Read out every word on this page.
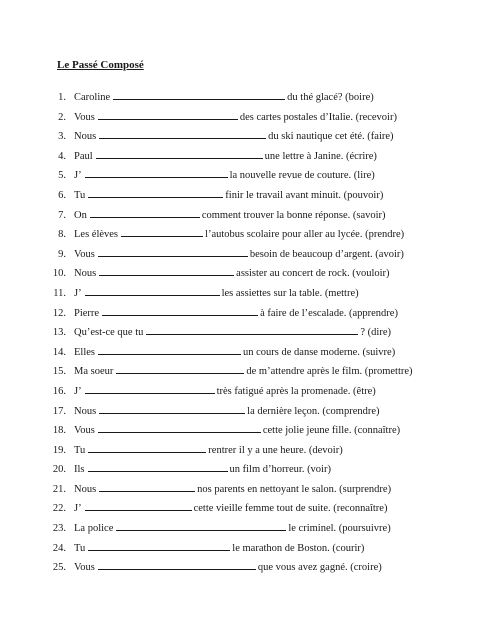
Le Passé Composé
1. Caroline	du thé glacé? (boire)
2. Vous	des cartes postales d’Italie. (recevoir)
3. Nous	du ski nautique cet été. (faire)
4. Paul	une lettre à Janine. (écrire)
5. J’	la nouvelle revue de couture. (lire)
6. Tu	finir le travail avant minuit. (pouvoir)
7. On	comment trouver la bonne réponse. (savoir)
8. Les élèves	l’autobus scolaire pour aller au lycée. (prendre)
9. Vous	besoin de beaucoup d’argent. (avoir)
10. Nous	assister au concert de rock. (vouloir)
11. J’	les assiettes sur la table. (mettre)
12. Pierre	à faire de l’escalade. (apprendre)
13. Qu’est-ce que tu	? (dire)
14. Elles	un cours de danse moderne. (suivre)
15. Ma soeur	de m’attendre après le film. (promettre)
16. J’	très fatigué après la promenade. (être)
17. Nous	la dernière leçon. (comprendre)
18. Vous	cette jolie jeune fille. (connaître)
19. Tu	rentrer il y a une heure. (devoir)
20. Ils	un film d’horreur. (voir)
21. Nous	nos parents en nettoyant le salon. (surprendre)
22. J’	cette vieille femme tout de suite. (reconnaître)
23. La police	le criminel. (poursuivre)
24. Tu	le marathon de Boston. (courir)
25. Vous	que vous avez gagné. (croire)
